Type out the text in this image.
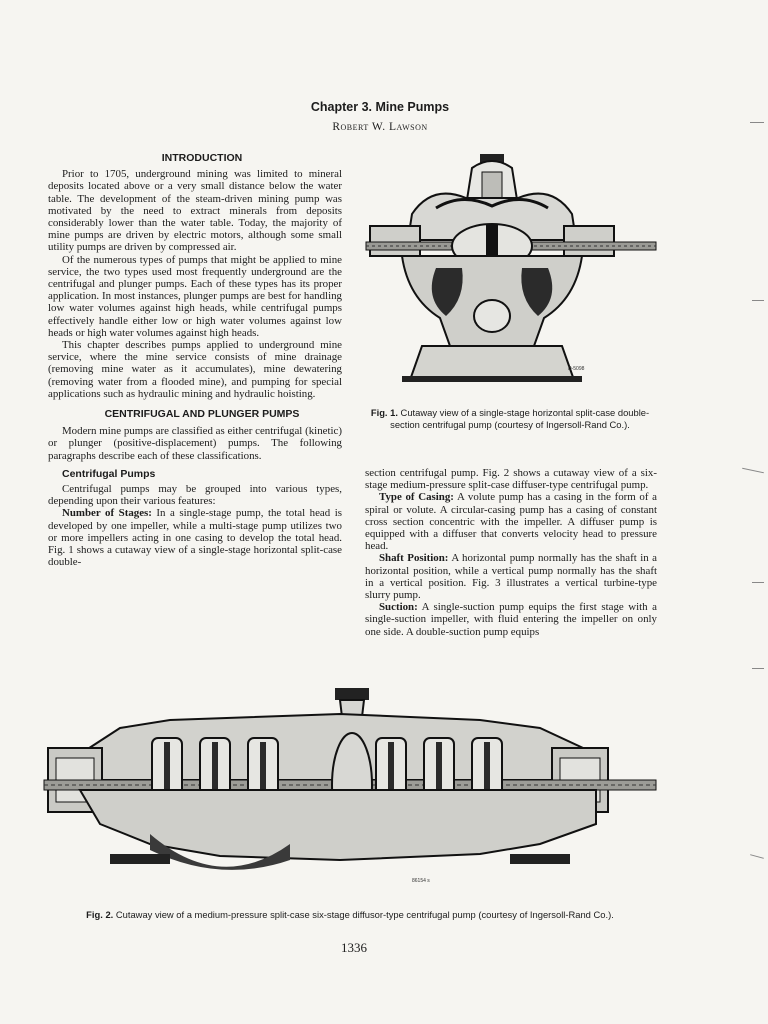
Chapter 3. Mine Pumps
Robert W. Lawson

INTRODUCTION

Prior to 1705, underground mining was limited to mineral deposits located above or a very small distance below the water table. The development of the steam-driven mining pump was motivated by the need to extract minerals from deposits considerably lower than the water table. Today, the majority of mine pumps are driven by electric motors, although some small utility pumps are driven by compressed air.

Of the numerous types of pumps that might be applied to mine service, the two types used most frequently underground are the centrifugal and plunger pumps. Each of these types has its proper application. In most instances, plunger pumps are best for handling low water volumes against high heads, while centrifugal pumps effectively handle either low or high water volumes against low heads or high water volumes against high heads.

This chapter describes pumps applied to underground mine service, where the mine service consists of mine drainage (removing mine water as it accumulates), mine dewatering (removing water from a flooded mine), and pumping for special applications such as hydraulic mining and hydraulic hoisting.

CENTRIFUGAL AND PLUNGER PUMPS

Modern mine pumps are classified as either centrifugal (kinetic) or plunger (positive-displacement) pumps. The following paragraphs describe each of these classifications.

Centrifugal Pumps

Centrifugal pumps may be grouped into various types, depending upon their various features:

Number of Stages: In a single-stage pump, the total head is developed by one impeller, while a multi-stage pump utilizes two or more impellers acting in one casing to develop the total head. Fig. 1 shows a cutaway view of a single-stage horizontal split-case double-

D-5098
Fig. 1. Cutaway view of a single-stage horizontal split-case double-section centrifugal pump (courtesy of Ingersoll-Rand Co.).

section centrifugal pump. Fig. 2 shows a cutaway view of a six-stage medium-pressure split-case diffuser-type centrifugal pump.

Type of Casing: A volute pump has a casing in the form of a spiral or volute. A circular-casing pump has a casing of constant cross section concentric with the impeller. A diffuser pump is equipped with a diffuser that converts velocity head to pressure head.

Shaft Position: A horizontal pump normally has the shaft in a horizontal position, while a vertical pump normally has the shaft in a vertical position. Fig. 3 illustrates a vertical turbine-type slurry pump.

Suction: A single-suction pump equips the first stage with a single-suction impeller, with fluid entering the impeller on only one side. A double-suction pump equips

86154 s
Fig. 2. Cutaway view of a medium-pressure split-case six-stage diffusor-type centrifugal pump (courtesy of Ingersoll-Rand Co.).
1336
